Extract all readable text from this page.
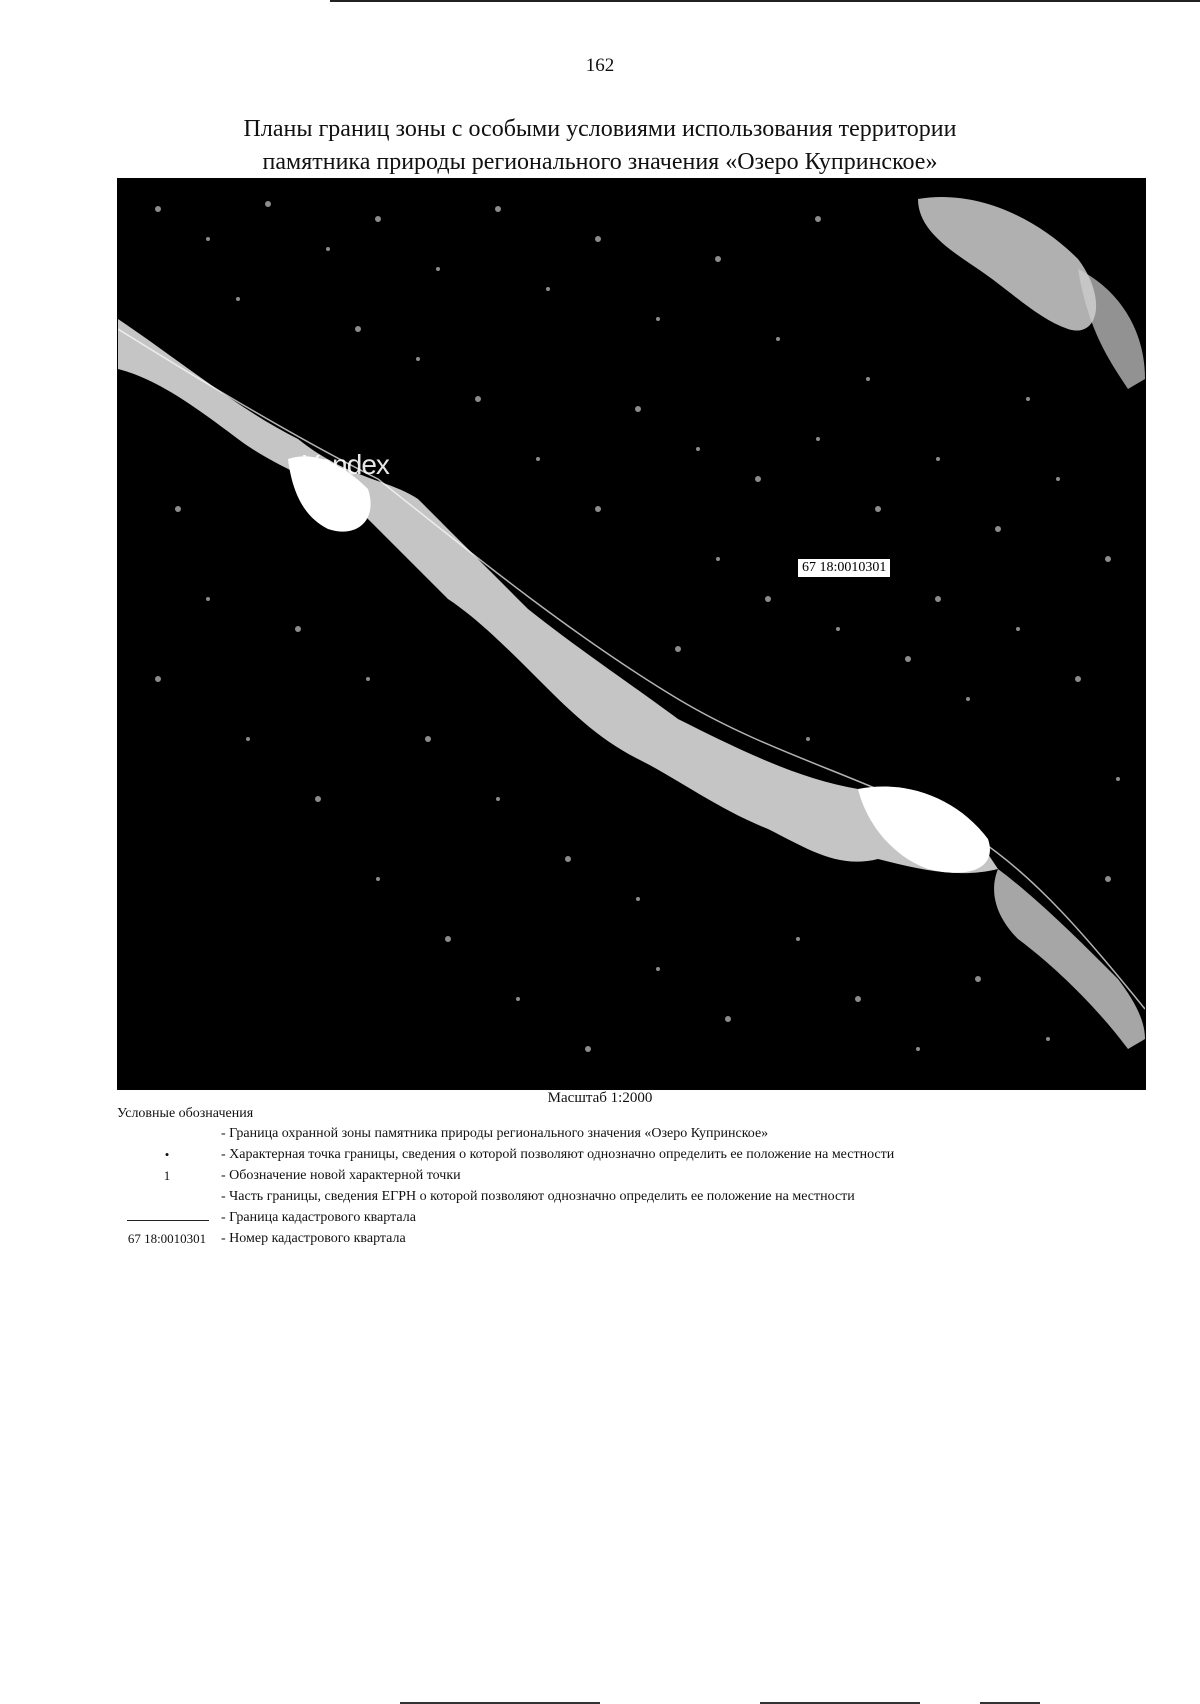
162
Планы границ зоны с особыми условиями использования территории
памятника природы регионального значения «Озеро Купринское»
Yandex
67 18:0010301
Масштаб 1:2000
Условные обозначения
- Граница охранной зоны памятника природы регионального значения «Озеро Купринское»
•	- Характерная точка границы, сведения о которой позволяют однозначно определить ее положение на местности
1	- Обозначение новой характерной точки
- Часть границы, сведения ЕГРН о которой позволяют однозначно определить ее положение на местности
- Граница кадастрового квартала
67 18:0010301	- Номер кадастрового квартала
